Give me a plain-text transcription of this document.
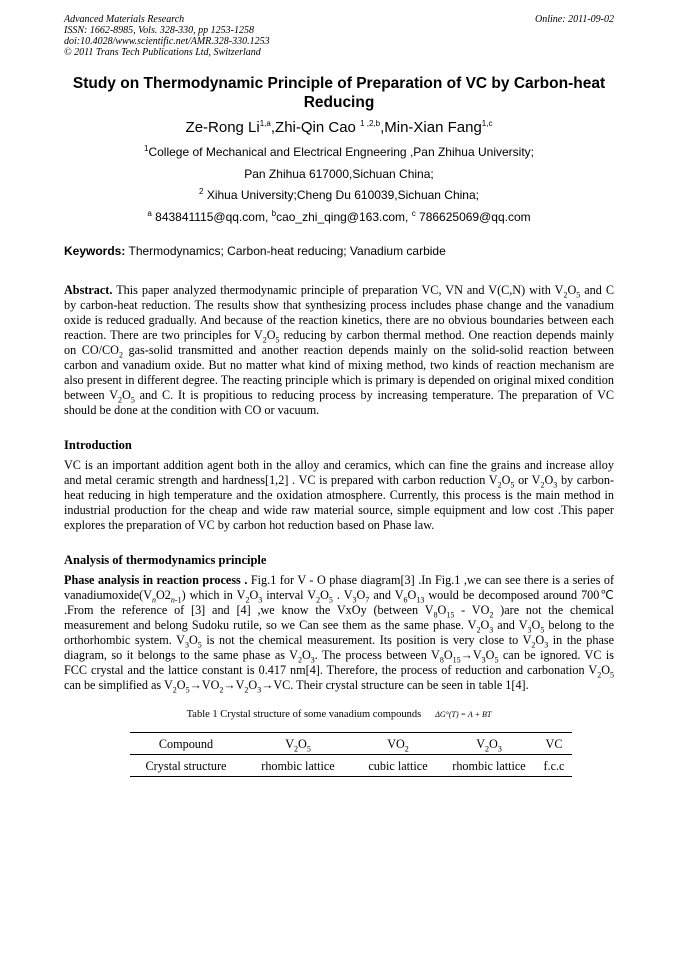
Advanced Materials Research	Online: 2011-09-02
ISSN: 1662-8985, Vols. 328-330, pp 1253-1258
doi:10.4028/www.scientific.net/AMR.328-330.1253
© 2011 Trans Tech Publications Ltd, Switzerland
Study on Thermodynamic Principle of Preparation of VC by Carbon-heat Reducing
Ze-Rong Li$^{1,a}$,Zhi-Qin Cao $^{1 ,2,b}$,Min-Xian Fang$^{1,c}$
$^1$College of Mechanical and Electrical Engneering ,Pan Zhihua University;
Pan Zhihua 617000,Sichuan China;
$^2$ Xihua University;Cheng Du 610039,Sichuan China;
$^a$ 843841115@qq.com, $^b$cao_zhi_qing@163.com, $^c$ 786625069@qq.com
Keywords: Thermodynamics; Carbon-heat reducing; Vanadium carbide
Abstract. This paper analyzed thermodynamic principle of preparation VC, VN and V(C,N) with $V_2O_5$ and C by carbon-heat reduction. The results show that synthesizing process includes phase change and the vanadium oxide is reduced gradually. And because of the reaction kinetics, there are no obvious boundaries between each reaction. There are two principles for $V_2O_5$ reducing by carbon thermal method. One reaction depends mainly on $CO/CO_2$ gas-solid transmitted and another reaction depends mainly on the solid-solid reaction between carbon and vanadium oxide. But no matter what kind of mixing method, two kinds of reaction mechanism are also present in different degree. The reacting principle which is primary is depended on original mixed condition between $V_2O_5$ and C. It is propitious to reducing process by increasing temperature. The preparation of VC should be done at the condition with CO or vacuum.
Introduction
VC is an important addition agent both in the alloy and ceramics, which can fine the grains and increase alloy and metal ceramic strength and hardness[1,2] . VC is prepared with carbon reduction $V_2O_5$ or $V_2O_3$ by carbon-heat reducing in high temperature and the oxidation atmosphere. Currently, this process is the main method in industrial production for the cheap and wide raw material source, simple equipment and low cost .This paper explores the preparation of VC by carbon hot reduction based on Phase law.
Analysis of thermodynamics principle
Phase analysis in reaction process . Fig.1 for V - O phase diagram[3] .In Fig.1 ,we can see there is a series of $vanadiumoxide(V_nO2_{n-1})$ which in $V_2O_3$ interval $V_2O_5$ . $V_3O_7$ and $V_6O_{13}$ would be decomposed around 700℃ .From the reference of [3] and [4] ,we know the VxOy (between $V_8O_{15} - VO_2$ )are not the chemical measurement and belong Sudoku rutile, so we Can see them as the same phase. $V_2O_3$ and $V_3O_5$ belong to the orthorhombic system. $V_3O_5$ is not the chemical measurement. Its position is very close to $V_2O_3$ in the phase diagram, so it belongs to the same phase as $V_2O_3$. The process between $V_8O_{15}\to V_3O_5$ can be ignored. VC is FCC crystal and the lattice constant is 0.417 nm[4]. Therefore, the process of reduction and carbonation $V_2O_5$ can be simplified as $V_2O_5\to VO_2\to V_2O_3\to VC$. Their crystal structure can be seen in table 1[4].
Table 1 Crystal structure of some vanadium compounds ΔG°(T) = A + BT
Compound	$V_2O_5$	$VO_2$	$V_2O_3$	VC
Crystal structure	rhombic lattice	cubic lattice	rhombic lattice	f.c.c
